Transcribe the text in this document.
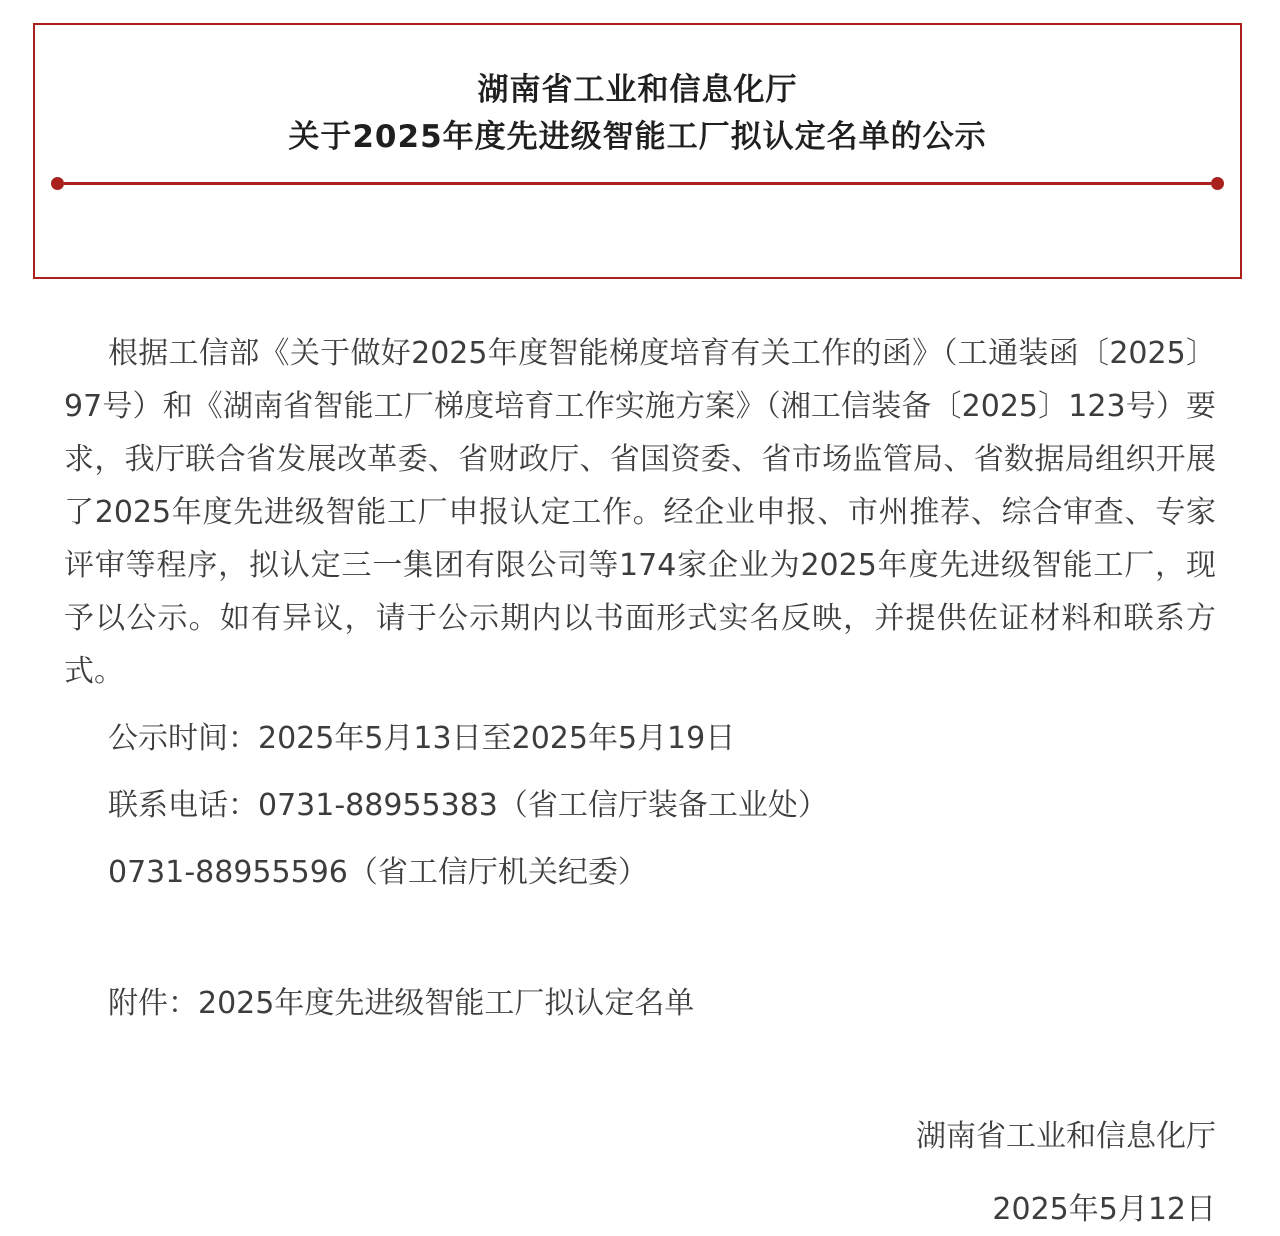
湖南省工业和信息化厅
关于2025年度先进级智能工厂拟认定名单的公示

根据工信部《关于做好2025年度智能梯度培育有关工作的函》（工通装函〔2025〕97号）和《湖南省智能工厂梯度培育工作实施方案》（湘工信装备〔2025〕123号）要求，我厅联合省发展改革委、省财政厅、省国资委、省市场监管局、省数据局组织开展了2025年度先进级智能工厂申报认定工作。经企业申报、市州推荐、综合审查、专家评审等程序，拟认定三一集团有限公司等174家企业为2025年度先进级智能工厂，现予以公示。如有异议，请于公示期内以书面形式实名反映，并提供佐证材料和联系方式。

公示时间：2025年5月13日至2025年5月19日

联系电话：0731-88955383（省工信厅装备工业处）

0731-88955596（省工信厅机关纪委）

附件：2025年度先进级智能工厂拟认定名单

湖南省工业和信息化厅
2025年5月12日
